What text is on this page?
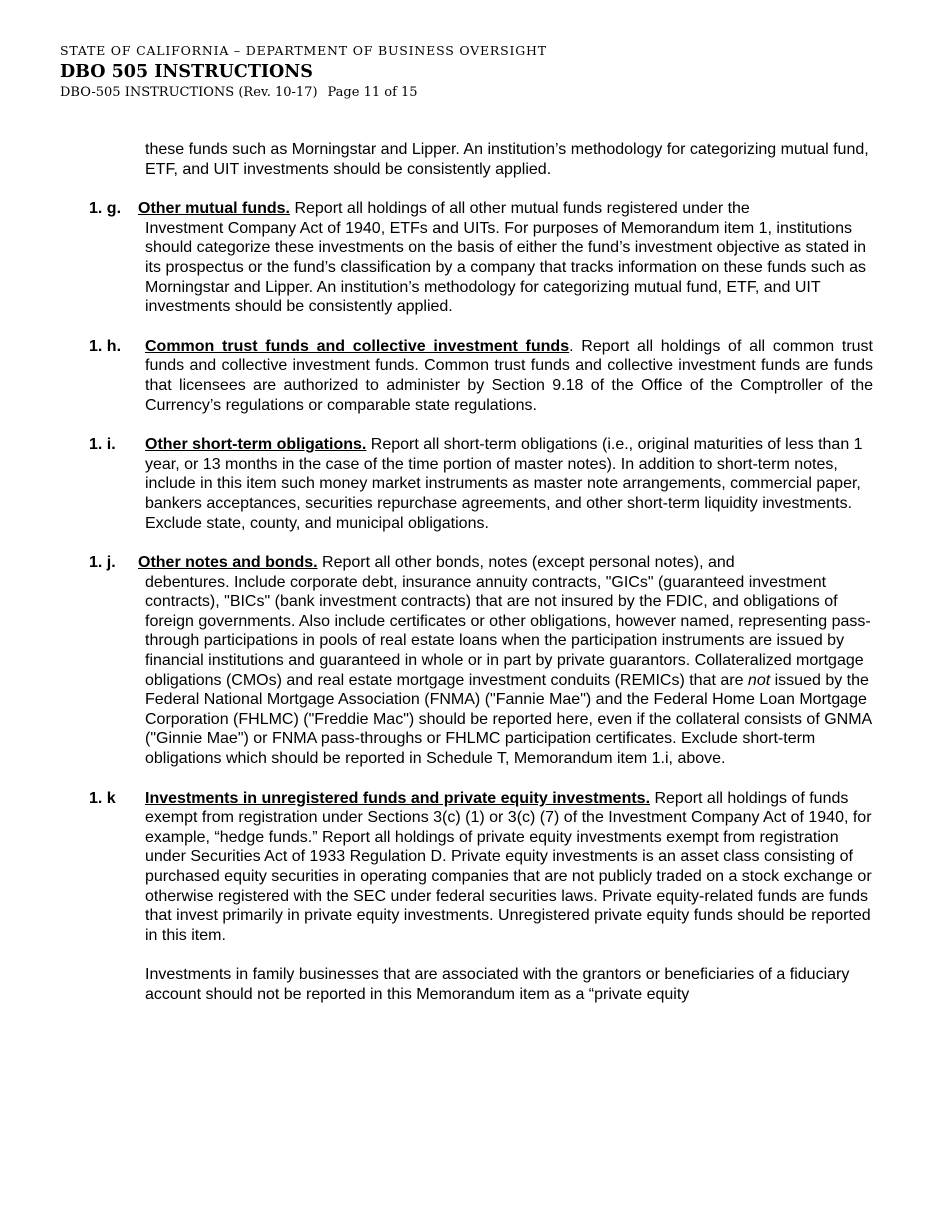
STATE OF CALIFORNIA – DEPARTMENT OF BUSINESS OVERSIGHT
DBO 505 INSTRUCTIONS
DBO-505 INSTRUCTIONS (Rev. 10-17) Page 11 of 15
these funds such as Morningstar and Lipper. An institution’s methodology for categorizing mutual fund, ETF, and UIT investments should be consistently applied.
1. g. Other mutual funds. Report all holdings of all other mutual funds registered under the
Investment Company Act of 1940, ETFs and UITs. For purposes of Memorandum item 1, institutions should categorize these investments on the basis of either the fund’s investment objective as stated in its prospectus or the fund’s classification by a company that tracks information on these funds such as Morningstar and Lipper. An institution’s methodology for categorizing mutual fund, ETF, and UIT investments should be consistently applied.
1. h. Common trust funds and collective investment funds. Report all holdings of all common trust funds and collective investment funds. Common trust funds and collective investment funds are funds that licensees are authorized to administer by Section 9.18 of the Office of the Comptroller of the Currency’s regulations or comparable state regulations.
1. i. Other short-term obligations. Report all short-term obligations (i.e., original maturities of less than 1 year, or 13 months in the case of the time portion of master notes). In addition to short-term notes, include in this item such money market instruments as master note arrangements, commercial paper, bankers acceptances, securities repurchase agreements, and other short-term liquidity investments. Exclude state, county, and municipal obligations.
1. j. Other notes and bonds. Report all other bonds, notes (except personal notes), and
debentures. Include corporate debt, insurance annuity contracts, "GICs" (guaranteed investment contracts), "BICs" (bank investment contracts) that are not insured by the FDIC, and obligations of foreign governments. Also include certificates or other obligations, however named, representing pass-through participations in pools of real estate loans when the participation instruments are issued by financial institutions and guaranteed in whole or in part by private guarantors. Collateralized mortgage obligations (CMOs) and real estate mortgage investment conduits (REMICs) that are not issued by the Federal National Mortgage Association (FNMA) ("Fannie Mae") and the Federal Home Loan Mortgage Corporation (FHLMC) ("Freddie Mac") should be reported here, even if the collateral consists of GNMA ("Ginnie Mae") or FNMA pass-throughs or FHLMC participation certificates. Exclude short-term obligations which should be reported in Schedule T, Memorandum item 1.i, above.
1. k Investments in unregistered funds and private equity investments. Report all holdings of funds exempt from registration under Sections 3(c) (1) or 3(c) (7) of the Investment Company Act of 1940, for example, “hedge funds.” Report all holdings of private equity investments exempt from registration under Securities Act of 1933 Regulation D. Private equity investments is an asset class consisting of purchased equity securities in operating companies that are not publicly traded on a stock exchange or otherwise registered with the SEC under federal securities laws. Private equity-related funds are funds that invest primarily in private equity investments. Unregistered private equity funds should be reported in this item.
Investments in family businesses that are associated with the grantors or beneficiaries of a fiduciary account should not be reported in this Memorandum item as a “private equity
